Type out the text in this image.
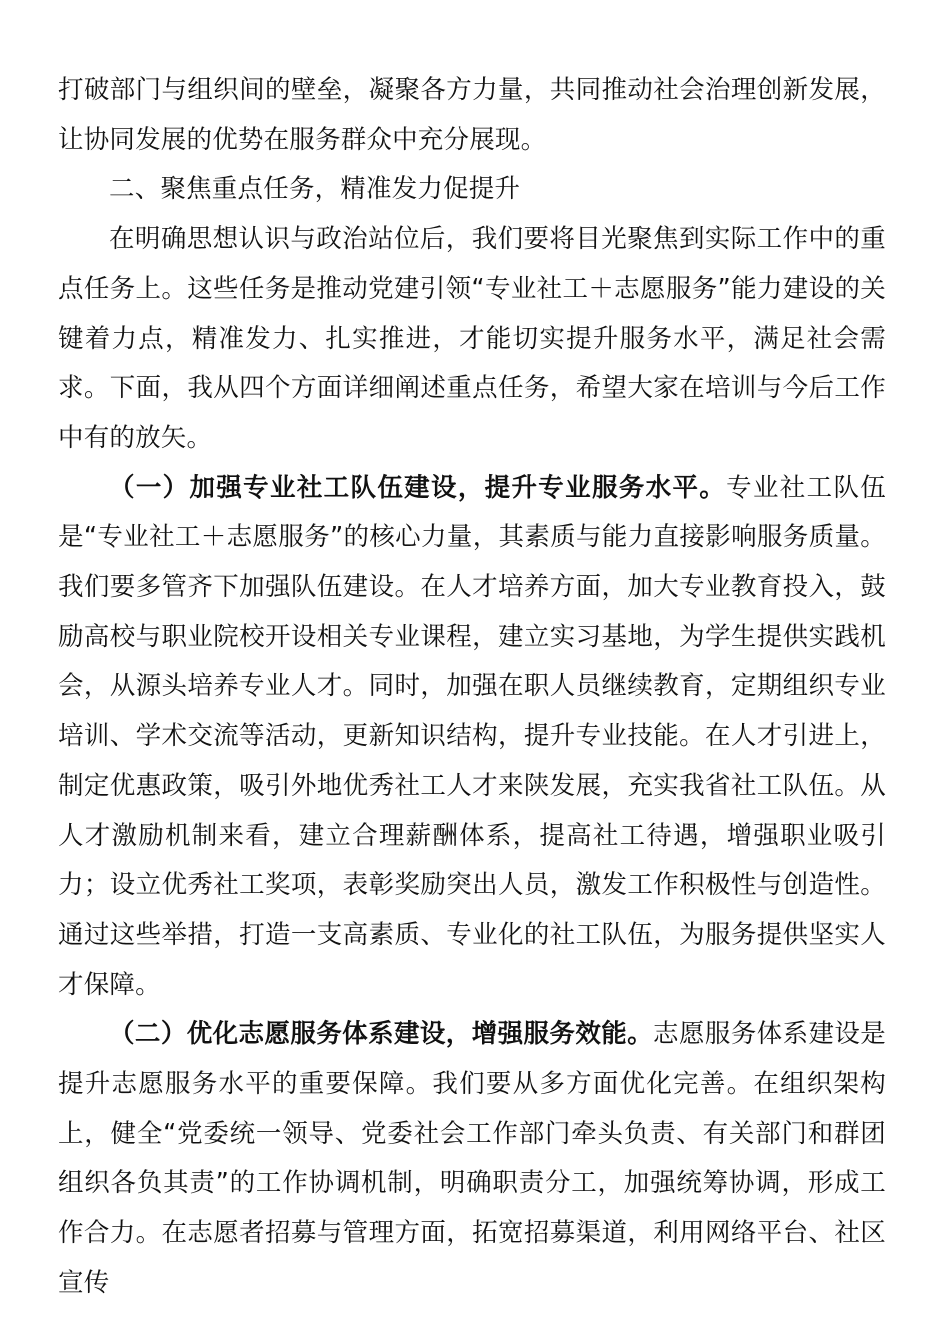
打破部门与组织间的壁垒，凝聚各方力量，共同推动社会治理创新发展，让协同发展的优势在服务群众中充分展现。

二、聚焦重点任务，精准发力促提升

在明确思想认识与政治站位后，我们要将目光聚焦到实际工作中的重点任务上。这些任务是推动党建引领“专业社工＋志愿服务”能力建设的关键着力点，精准发力、扎实推进，才能切实提升服务水平，满足社会需求。下面，我从四个方面详细阐述重点任务，希望大家在培训与今后工作中有的放矢。

（一）加强专业社工队伍建设，提升专业服务水平。专业社工队伍是“专业社工＋志愿服务”的核心力量，其素质与能力直接影响服务质量。我们要多管齐下加强队伍建设。在人才培养方面，加大专业教育投入，鼓励高校与职业院校开设相关专业课程，建立实习基地，为学生提供实践机会，从源头培养专业人才。同时，加强在职人员继续教育，定期组织专业培训、学术交流等活动，更新知识结构，提升专业技能。在人才引进上，制定优惠政策，吸引外地优秀社工人才来陕发展，充实我省社工队伍。从人才激励机制来看，建立合理薪酬体系，提高社工待遇，增强职业吸引力；设立优秀社工奖项，表彰奖励突出人员，激发工作积极性与创造性。通过这些举措，打造一支高素质、专业化的社工队伍，为服务提供坚实人才保障。

（二）优化志愿服务体系建设，增强服务效能。志愿服务体系建设是提升志愿服务水平的重要保障。我们要从多方面优化完善。在组织架构上，健全“党委统一领导、党委社会工作部门牵头负责、有关部门和群团组织各负其责”的工作协调机制，明确职责分工，加强统筹协调，形成工作合力。在志愿者招募与管理方面，拓宽招募渠道，利用网络平台、社区宣传
